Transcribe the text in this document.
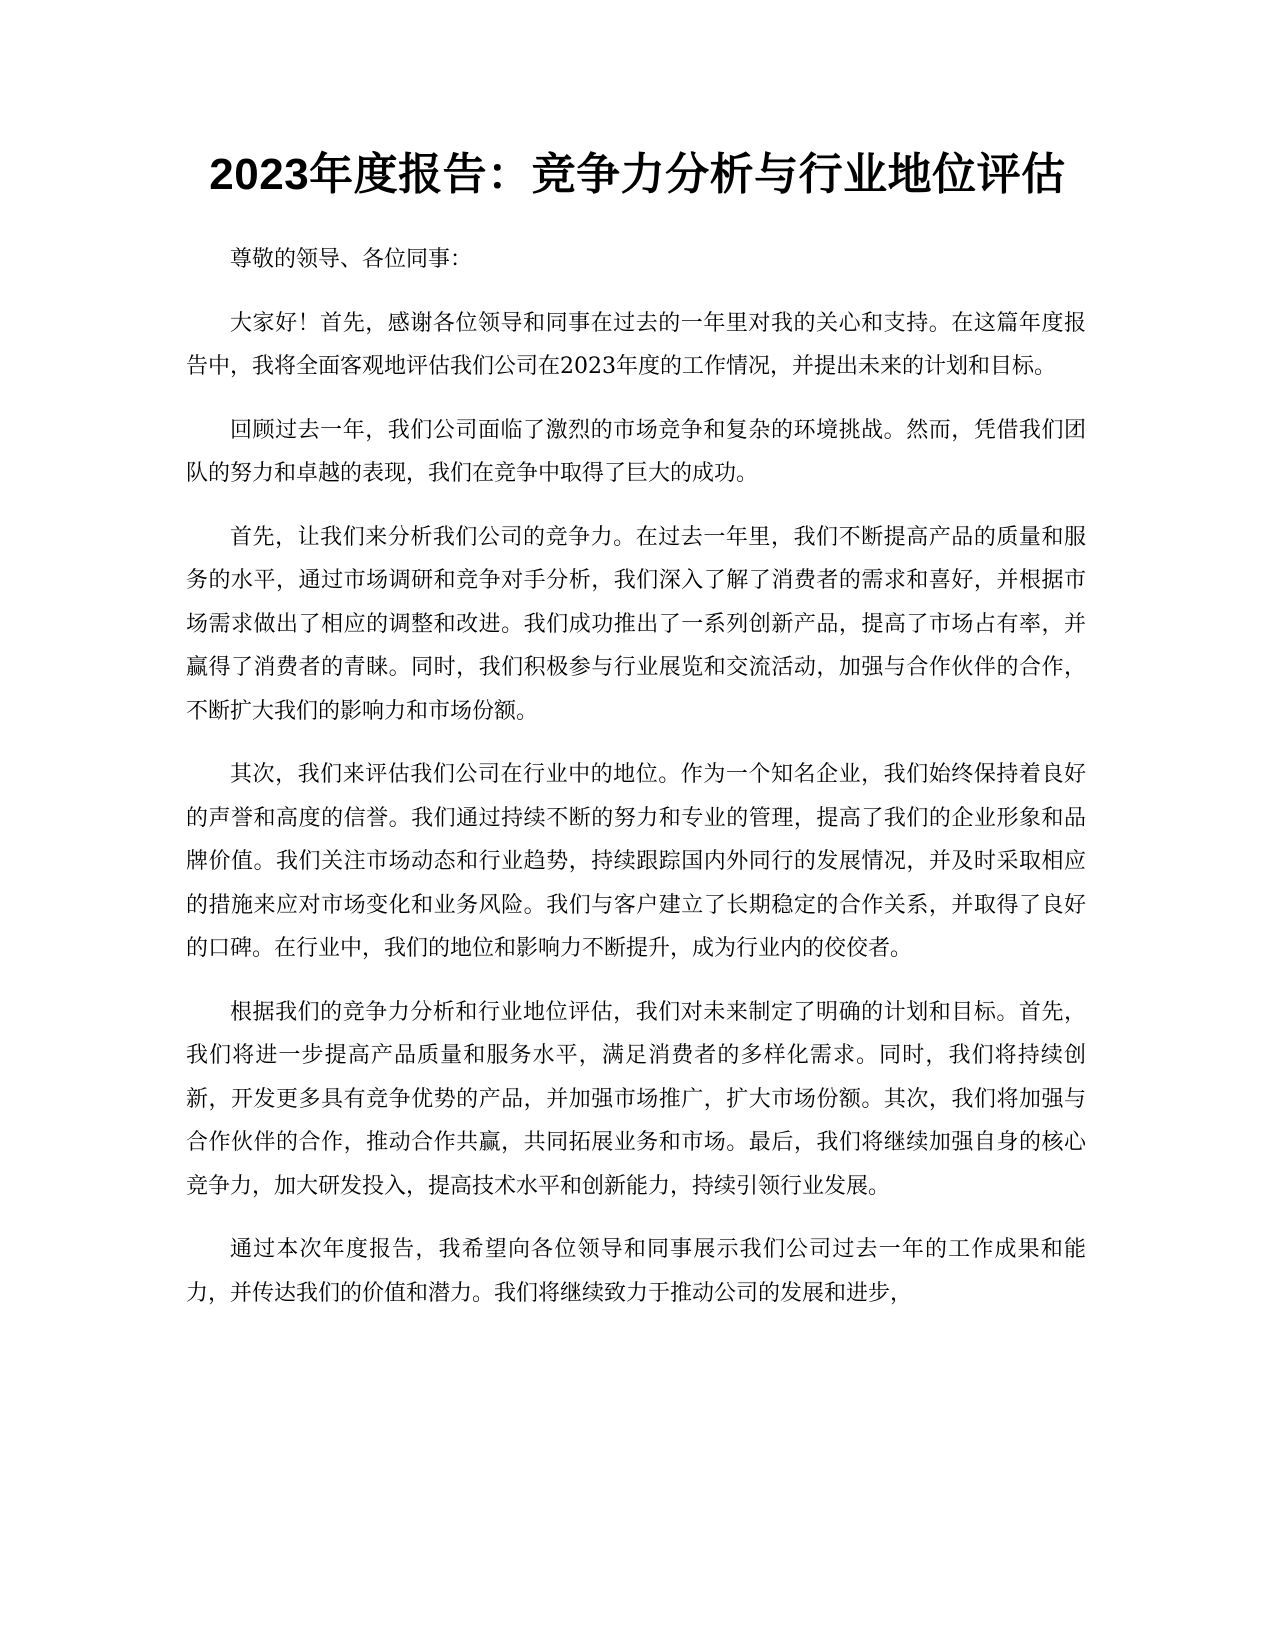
2023年度报告：竞争力分析与行业地位评估

尊敬的领导、各位同事：

大家好！首先，感谢各位领导和同事在过去的一年里对我的关心和支持。在这篇年度报告中，我将全面客观地评估我们公司在2023年度的工作情况，并提出未来的计划和目标。

回顾过去一年，我们公司面临了激烈的市场竞争和复杂的环境挑战。然而，凭借我们团队的努力和卓越的表现，我们在竞争中取得了巨大的成功。

首先，让我们来分析我们公司的竞争力。在过去一年里，我们不断提高产品的质量和服务的水平，通过市场调研和竞争对手分析，我们深入了解了消费者的需求和喜好，并根据市场需求做出了相应的调整和改进。我们成功推出了一系列创新产品，提高了市场占有率，并赢得了消费者的青睐。同时，我们积极参与行业展览和交流活动，加强与合作伙伴的合作，不断扩大我们的影响力和市场份额。

其次，我们来评估我们公司在行业中的地位。作为一个知名企业，我们始终保持着良好的声誉和高度的信誉。我们通过持续不断的努力和专业的管理，提高了我们的企业形象和品牌价值。我们关注市场动态和行业趋势，持续跟踪国内外同行的发展情况，并及时采取相应的措施来应对市场变化和业务风险。我们与客户建立了长期稳定的合作关系，并取得了良好的口碑。在行业中，我们的地位和影响力不断提升，成为行业内的佼佼者。

根据我们的竞争力分析和行业地位评估，我们对未来制定了明确的计划和目标。首先，我们将进一步提高产品质量和服务水平，满足消费者的多样化需求。同时，我们将持续创新，开发更多具有竞争优势的产品，并加强市场推广，扩大市场份额。其次，我们将加强与合作伙伴的合作，推动合作共赢，共同拓展业务和市场。最后，我们将继续加强自身的核心竞争力，加大研发投入，提高技术水平和创新能力，持续引领行业发展。

通过本次年度报告，我希望向各位领导和同事展示我们公司过去一年的工作成果和能力，并传达我们的价值和潜力。我们将继续致力于推动公司的发展和进步，
